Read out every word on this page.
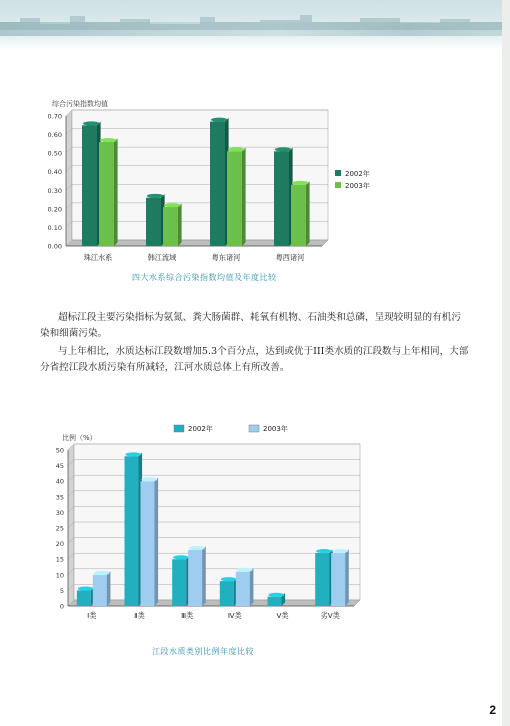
0.00
0.10
0.20
0.30
0.40
0.50
0.60
0.70
综合污染指数均值
珠江水系	韩江流域	粤东诸河	粤西诸河
2002年
2003年
四大水系综合污染指数均值及年度比较

超标江段主要污染指标为氨氮、粪大肠菌群、耗氧有机物、石油类和总磷，呈现较明显的有机污染和细菌污染。

与上年相比，水质达标江段数增加5.3个百分点，达到或优于III类水质的江段数与上年相同，大部分省控江段水质污染有所减轻，江河水质总体上有所改善。

0
5
10
15
20
25
30
35
40
45
50
比例（%）
Ⅰ类	Ⅱ类	Ⅲ类	Ⅳ类	Ⅴ类	劣Ⅴ类
2002年	2003年
江段水质类别比例年度比较
2
